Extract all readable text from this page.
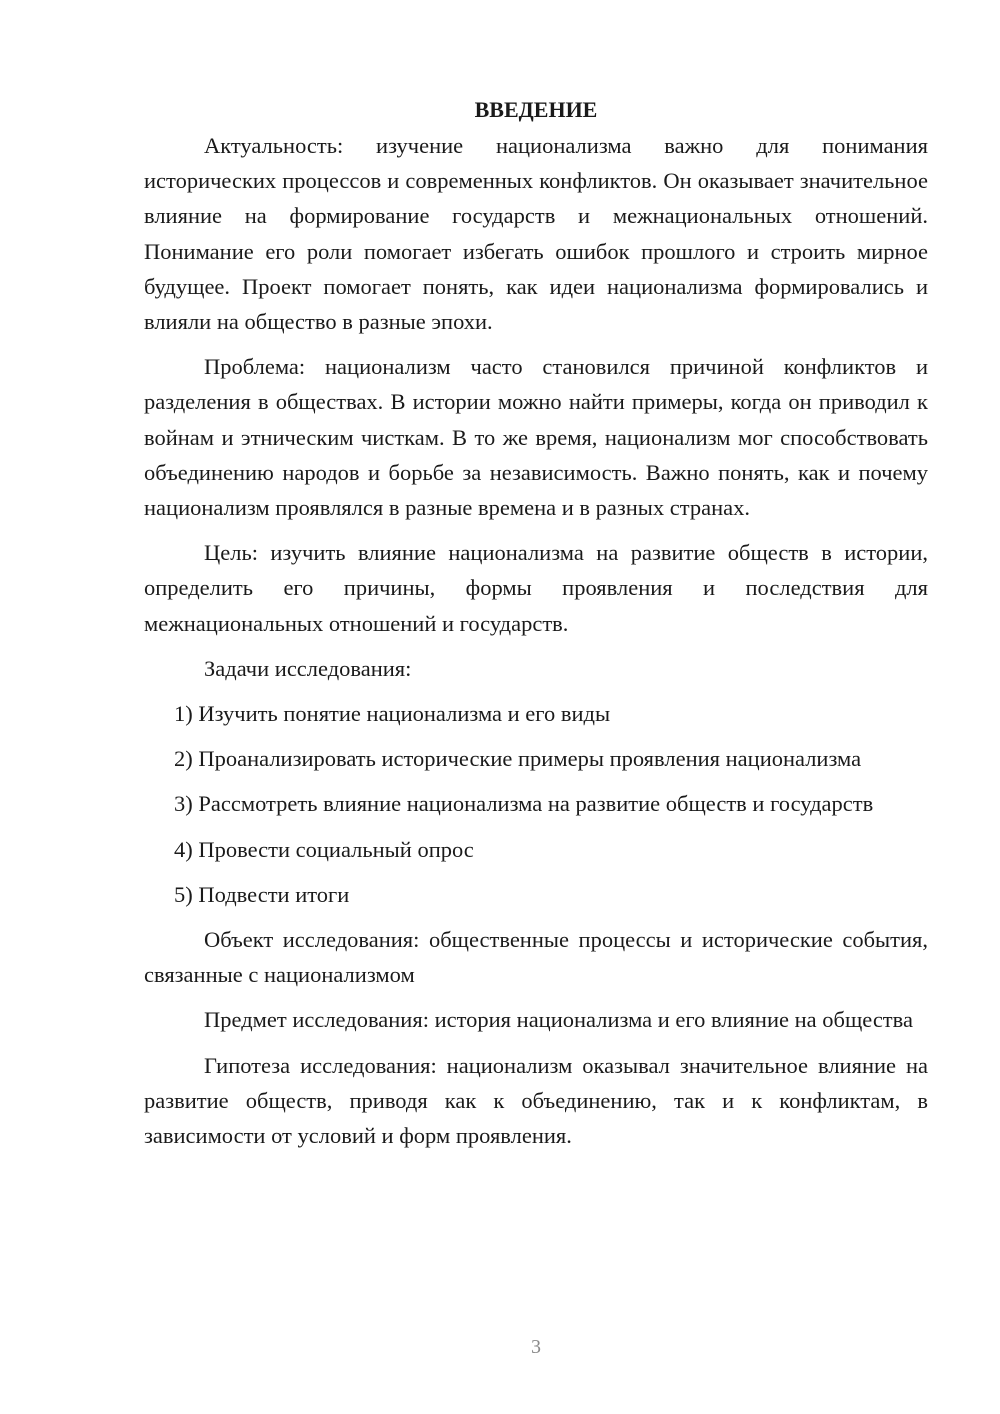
ВВЕДЕНИЕ

Актуальность: изучение национализма важно для понимания исторических процессов и современных конфликтов. Он оказывает значительное влияние на формирование государств и межнациональных отношений. Понимание его роли помогает избегать ошибок прошлого и строить мирное будущее. Проект помогает понять, как идеи национализма формировались и влияли на общество в разные эпохи.

Проблема: национализм часто становился причиной конфликтов и разделения в обществах. В истории можно найти примеры, когда он приводил к войнам и этническим чисткам. В то же время, национализм мог способствовать объединению народов и борьбе за независимость. Важно понять, как и почему национализм проявлялся в разные времена и в разных странах.

Цель: изучить влияние национализма на развитие обществ в истории, определить его причины, формы проявления и последствия для межнациональных отношений и государств.

Задачи исследования:

1) Изучить понятие национализма и его виды

2) Проанализировать исторические примеры проявления национализма

3) Рассмотреть влияние национализма на развитие обществ и государств

4) Провести социальный опрос

5) Подвести итоги

Объект исследования: общественные процессы и исторические события, связанные с национализмом

Предмет исследования: история национализма и его влияние на общества

Гипотеза исследования: национализм оказывал значительное влияние на развитие обществ, приводя как к объединению, так и к конфликтам, в зависимости от условий и форм проявления.

3
